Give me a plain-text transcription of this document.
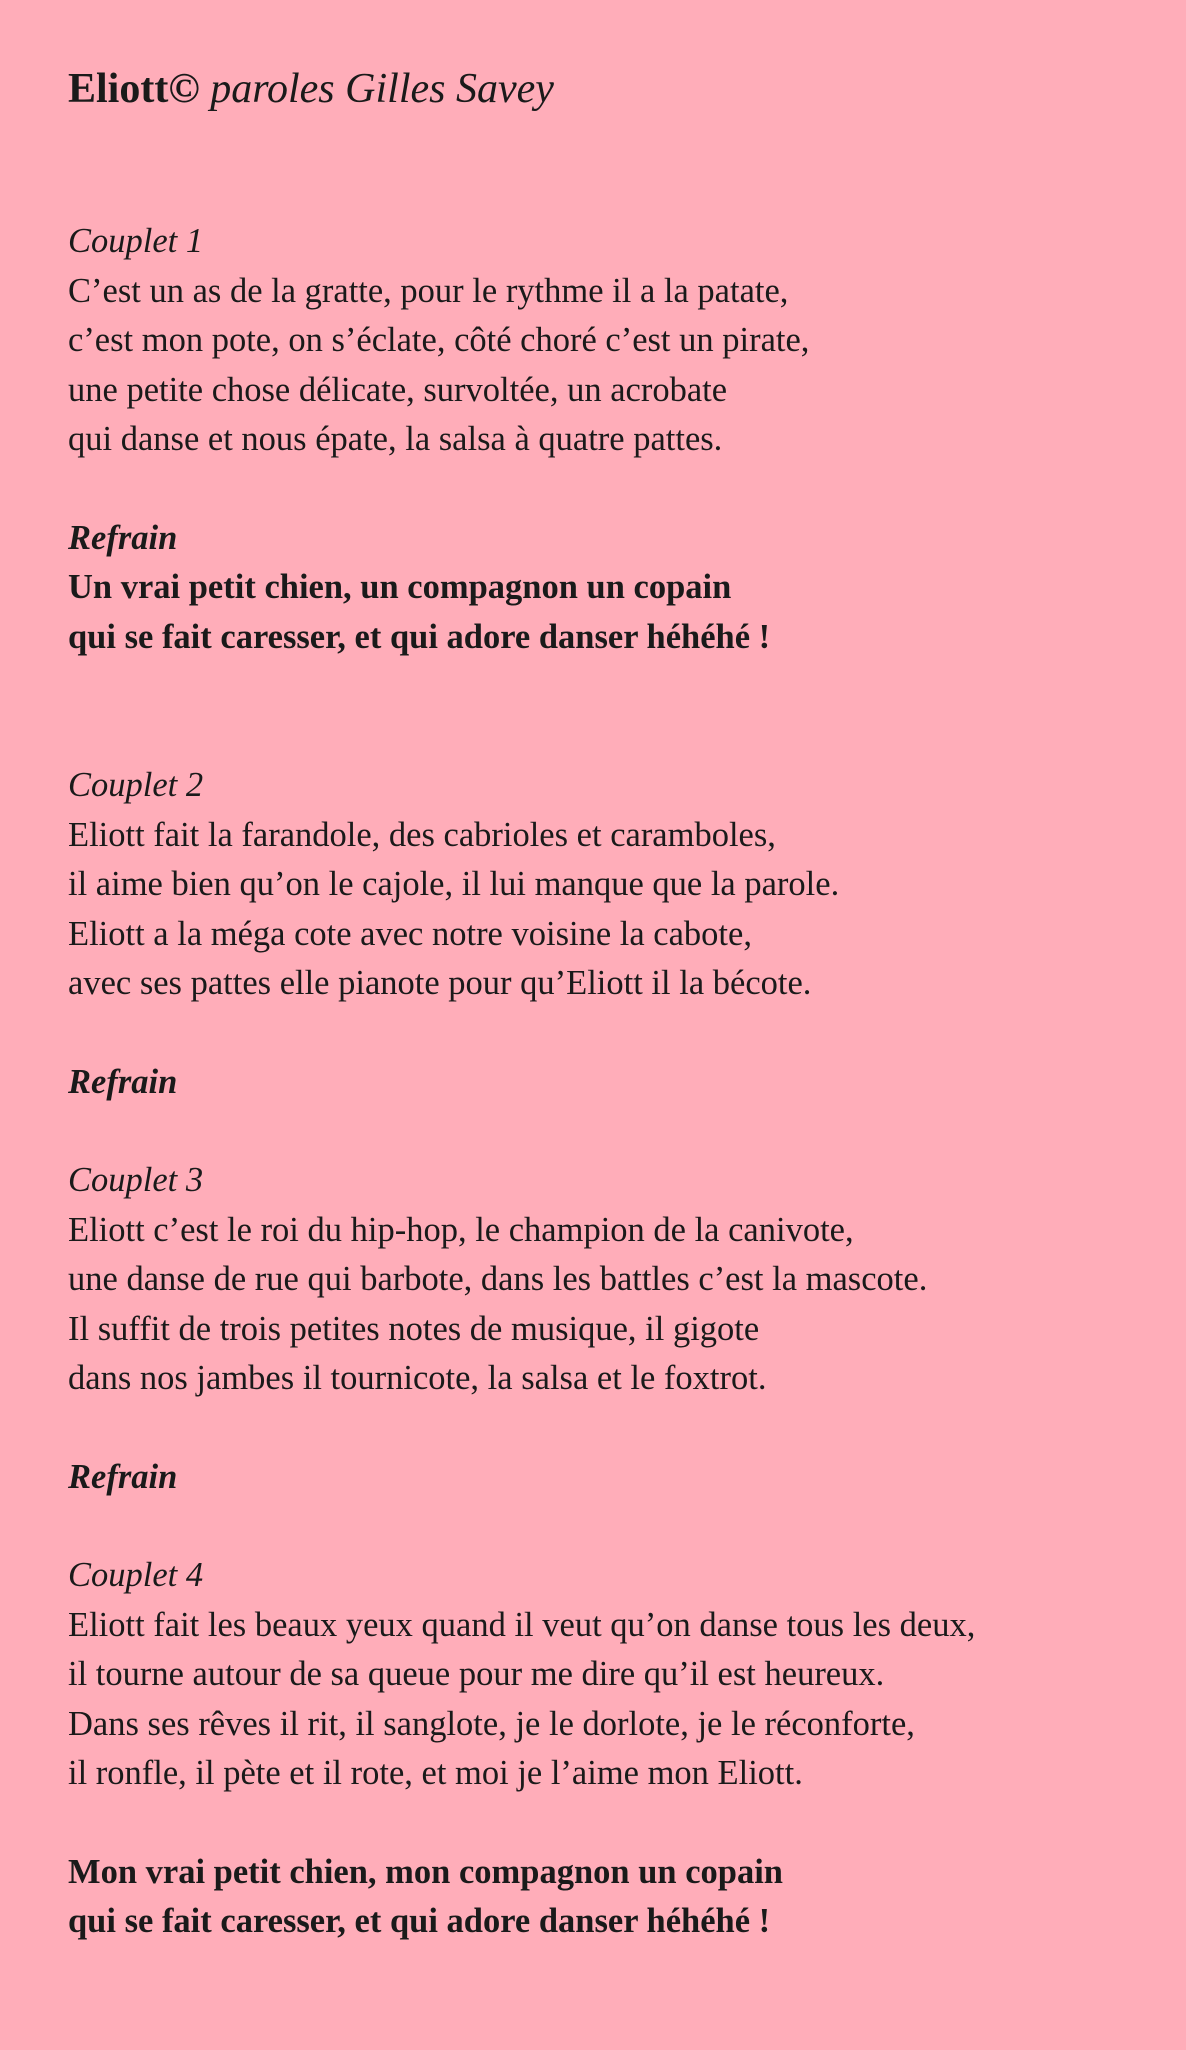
Eliott© paroles Gilles Savey
Couplet 1
C’est un as de la gratte, pour le rythme il a la patate,
c’est mon pote, on s’éclate, côté choré c’est un pirate,
une petite chose délicate, survoltée, un acrobate
qui danse et nous épate, la salsa à quatre pattes.
Refrain
Un vrai petit chien, un compagnon un copain
qui se fait caresser, et qui adore danser héhéhé !
Couplet 2
Eliott fait la farandole, des cabrioles et caramboles,
il aime bien qu’on le cajole, il lui manque que la parole.
Eliott a la méga cote avec notre voisine la cabote,
avec ses pattes elle pianote pour qu’Eliott il la bécote.
Refrain
Couplet 3
Eliott c’est le roi du hip-hop, le champion de la canivote,
une danse de rue qui barbote, dans les battles c’est la mascote.
Il suffit de trois petites notes de musique, il gigote
dans nos jambes il tournicote, la salsa et le foxtrot.
Refrain
Couplet 4
Eliott fait les beaux yeux quand il veut qu’on danse tous les deux,
il tourne autour de sa queue pour me dire qu’il est heureux.
Dans ses rêves il rit, il sanglote, je le dorlote, je le réconforte,
il ronfle, il pète et il rote, et moi je l’aime mon Eliott.
Mon vrai petit chien, mon compagnon un copain
qui se fait caresser, et qui adore danser héhéhé !
